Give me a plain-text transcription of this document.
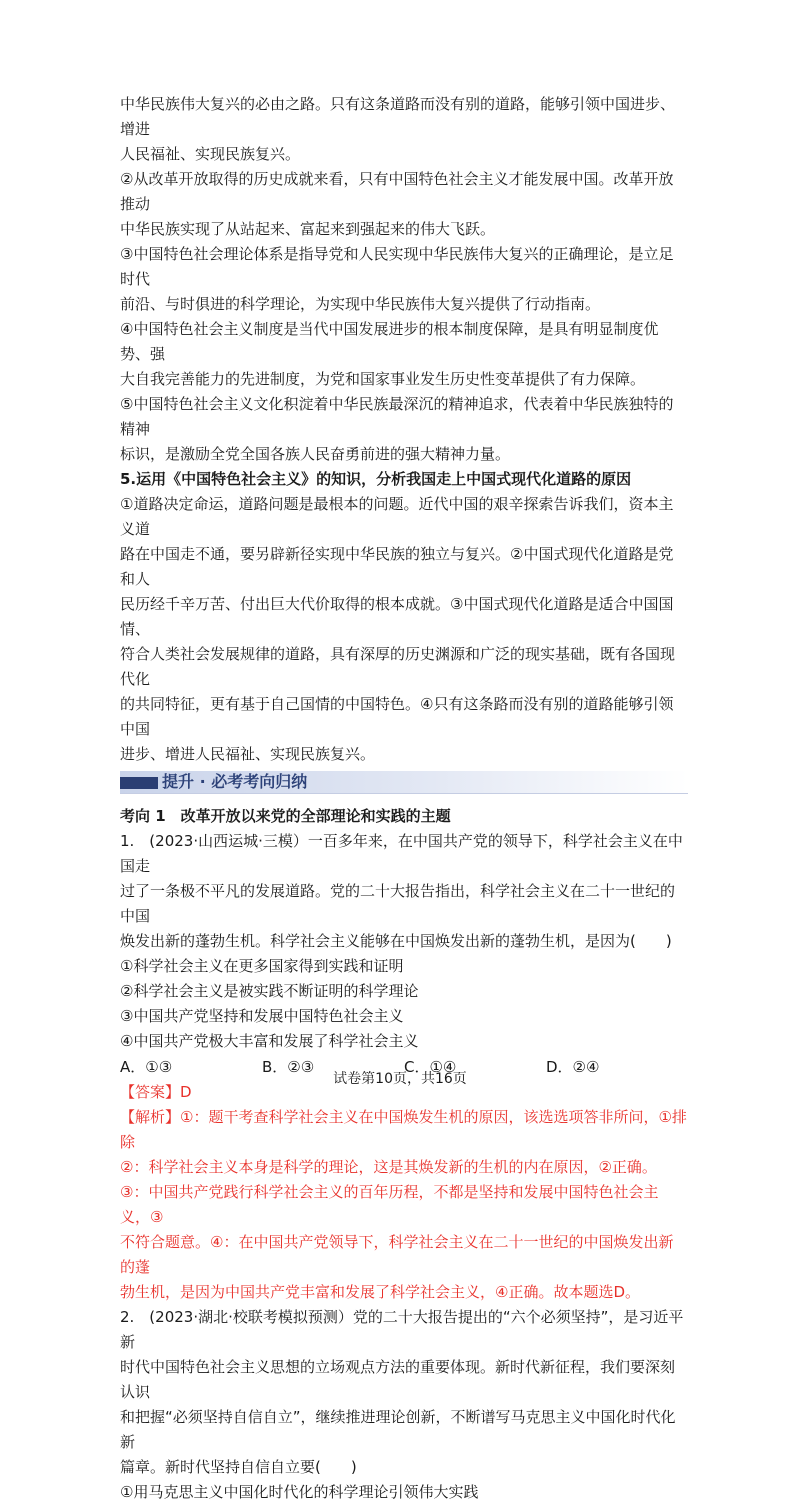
中华民族伟大复兴的必由之路。只有这条道路而没有别的道路，能够引领中国进步、增进

人民福祉、实现民族复兴。

②从改革开放取得的历史成就来看，只有中国特色社会主义才能发展中国。改革开放推动

中华民族实现了从站起来、富起来到强起来的伟大飞跃。

③中国特色社会理论体系是指导党和人民实现中华民族伟大复兴的正确理论，是立足时代

前沿、与时俱进的科学理论，为实现中华民族伟大复兴提供了行动指南。

④中国特色社会主义制度是当代中国发展进步的根本制度保障，是具有明显制度优势、强

大自我完善能力的先进制度，为党和国家事业发生历史性变革提供了有力保障。

⑤中国特色社会主义文化积淀着中华民族最深沉的精神追求，代表着中华民族独特的精神

标识，是激励全党全国各族人民奋勇前进的强大精神力量。

5.运用《中国特色社会主义》的知识，分析我国走上中国式现代化道路的原因

①道路决定命运，道路问题是最根本的问题。近代中国的艰辛探索告诉我们，资本主义道

路在中国走不通，要另辟新径实现中华民族的独立与复兴。②中国式现代化道路是党和人

民历经千辛万苦、付出巨大代价取得的根本成就。③中国式现代化道路是适合中国国情、

符合人类社会发展规律的道路，具有深厚的历史渊源和广泛的现实基础，既有各国现代化

的共同特征，更有基于自己国情的中国特色。④只有这条路而没有别的道路能够引领中国

进步、增进人民福祉、实现民族复兴。

提升 · 必考考向归纳

考向 1　改革开放以来党的全部理论和实践的主题

1.　(2023·山西运城·三模）一百多年来，在中国共产党的领导下，科学社会主义在中国走

过了一条极不平凡的发展道路。党的二十大报告指出，科学社会主义在二十一世纪的中国

焕发出新的蓬勃生机。科学社会主义能够在中国焕发出新的蓬勃生机，是因为(　　)

①科学社会主义在更多国家得到实践和证明

②科学社会主义是被实践不断证明的科学理论

③中国共产党坚持和发展中国特色社会主义

④中国共产党极大丰富和发展了科学社会主义

A．①③	B．②③	C．①④	D．②④

【答案】D

【解析】①：题干考查科学社会主义在中国焕发生机的原因，该选选项答非所问，①排除

②：科学社会主义本身是科学的理论，这是其焕发新的生机的内在原因，②正确。

③：中国共产党践行科学社会主义的百年历程，不都是坚持和发展中国特色社会主义，③

不符合题意。④：在中国共产党领导下，科学社会主义在二十一世纪的中国焕发出新的蓬

勃生机，是因为中国共产党丰富和发展了科学社会主义，④正确。故本题选D。

2.　(2023·湖北·校联考模拟预测）党的二十大报告提出的“六个必须坚持”，是习近平新

时代中国特色社会主义思想的立场观点方法的重要体现。新时代新征程，我们要深刻认识

和把握“必须坚持自信自立”，继续推进理论创新，不断谱写马克思主义中国化时代化新

篇章。新时代坚持自信自立要(　　)

①用马克思主义中国化时代化的科学理论引领伟大实践

试卷第10页，共16页
